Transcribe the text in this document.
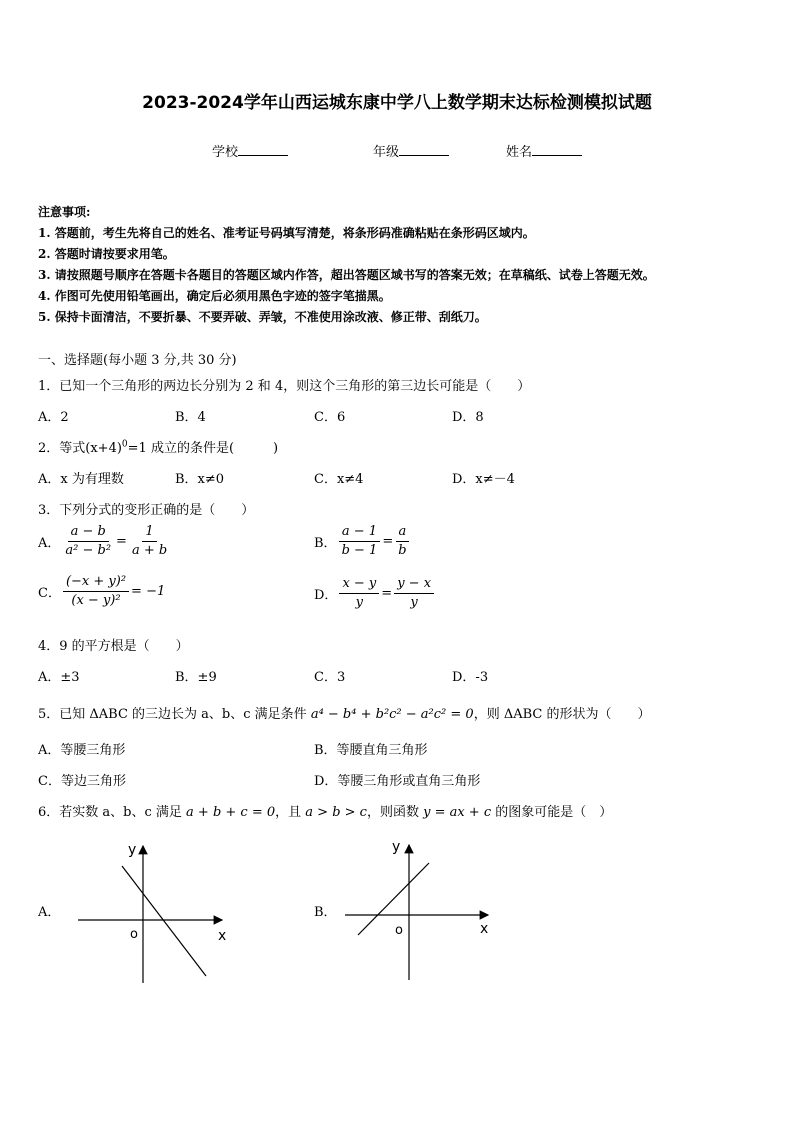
2023-2024学年山西运城东康中学八上数学期末达标检测模拟试题
学校	年级	姓名
注意事项:
1. 答题前，考生先将自己的姓名、准考证号码填写清楚，将条形码准确粘贴在条形码区域内。
2. 答题时请按要求用笔。
3. 请按照题号顺序在答题卡各题目的答题区域内作答，超出答题区域书写的答案无效；在草稿纸、试卷上答题无效。
4. 作图可先使用铅笔画出，确定后必须用黑色字迹的签字笔描黑。
5. 保持卡面清洁，不要折暴、不要弄破、弄皱，不准使用涂改液、修正带、刮纸刀。
一、选择题(每小题 3 分,共 30 分)
1．已知一个三角形的两边长分别为 2 和 4，则这个三角形的第三边长可能是（　　）
A．2	B．4	C．6	D．8
2．等式$(x+4)^0=1$ 成立的条件是(　　　)
A．x 为有理数	B．x≠0	C．x≠4	D．x≠－4
3．下列分式的变形正确的是（　　）
A． $\frac{a - b}{\text{a² − b²}} = \frac{1}{a + b}$	B． $\frac{a - 1}{b - 1} = \frac{a}{b}$
C． $\frac{\text{(−x + y)²}}{\text{(x − y)²}} = -1$	D． $\frac{x - y}{y} = \frac{y - x}{y}$
4．9 的平方根是（　　）
A．±3	B．±9	C．3	D．-3
5．已知 ΔABC 的三边长为 a、b、c 满足条件 a⁴ − b⁴ + b²c² − a²c² = 0，则 ΔABC 的形状为（　　）
A．等腰三角形	B．等腰直角三角形
C．等边三角形	D．等腰三角形或直角三角形
6．若实数 a、b、c 满足 a + b + c = 0，且 a > b > c，则函数 y = ax + c 的图象可能是（　）
A．
y
x
o
B．
y
x
o
